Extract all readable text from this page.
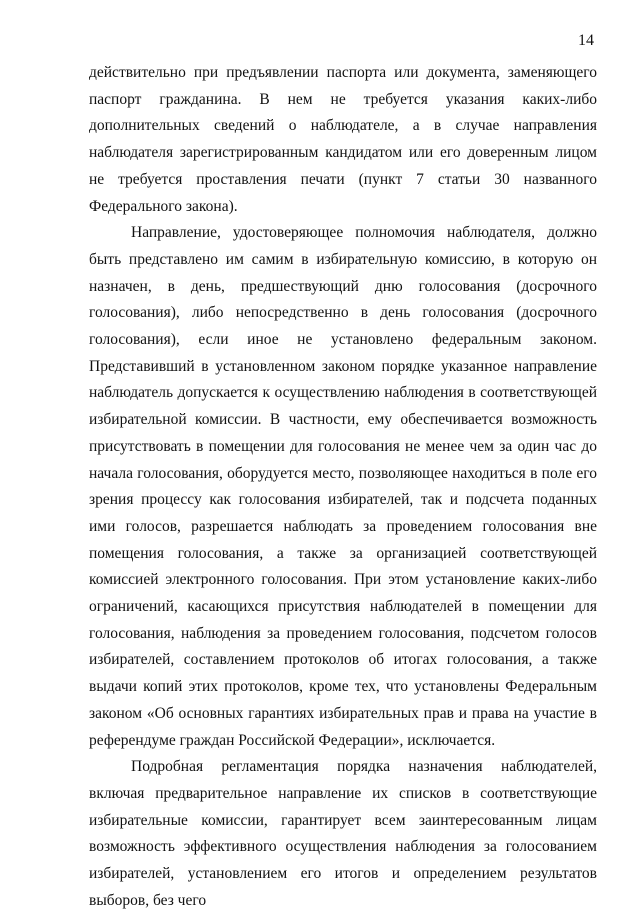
14

действительно при предъявлении паспорта или документа, заменяющего паспорт гражданина. В нем не требуется указания каких-либо дополнительных сведений о наблюдателе, а в случае направления наблюдателя зарегистрированным кандидатом или его доверенным лицом не требуется проставления печати (пункт 7 статьи 30 названного Федерального закона).

Направление, удостоверяющее полномочия наблюдателя, должно быть представлено им самим в избирательную комиссию, в которую он назначен, в день, предшествующий дню голосования (досрочного голосования), либо непосредственно в день голосования (досрочного голосования), если иное не установлено федеральным законом. Представивший в установленном законом порядке указанное направление наблюдатель допускается к осуществлению наблюдения в соответствующей избирательной комиссии. В частности, ему обеспечивается возможность присутствовать в помещении для голосования не менее чем за один час до начала голосования, оборудуется место, позволяющее находиться в поле его зрения процессу как голосования избирателей, так и подсчета поданных ими голосов, разрешается наблюдать за проведением голосования вне помещения голосования, а также за организацией соответствующей комиссией электронного голосования. При этом установление каких-либо ограничений, касающихся присутствия наблюдателей в помещении для голосования, наблюдения за проведением голосования, подсчетом голосов избирателей, составлением протоколов об итогах голосования, а также выдачи копий этих протоколов, кроме тех, что установлены Федеральным законом «Об основных гарантиях избирательных прав и права на участие в референдуме граждан Российской Федерации», исключается.

Подробная регламентация порядка назначения наблюдателей, включая предварительное направление их списков в соответствующие избирательные комиссии, гарантирует всем заинтересованным лицам возможность эффективного осуществления наблюдения за голосованием избирателей, установлением его итогов и определением результатов выборов, без чего
